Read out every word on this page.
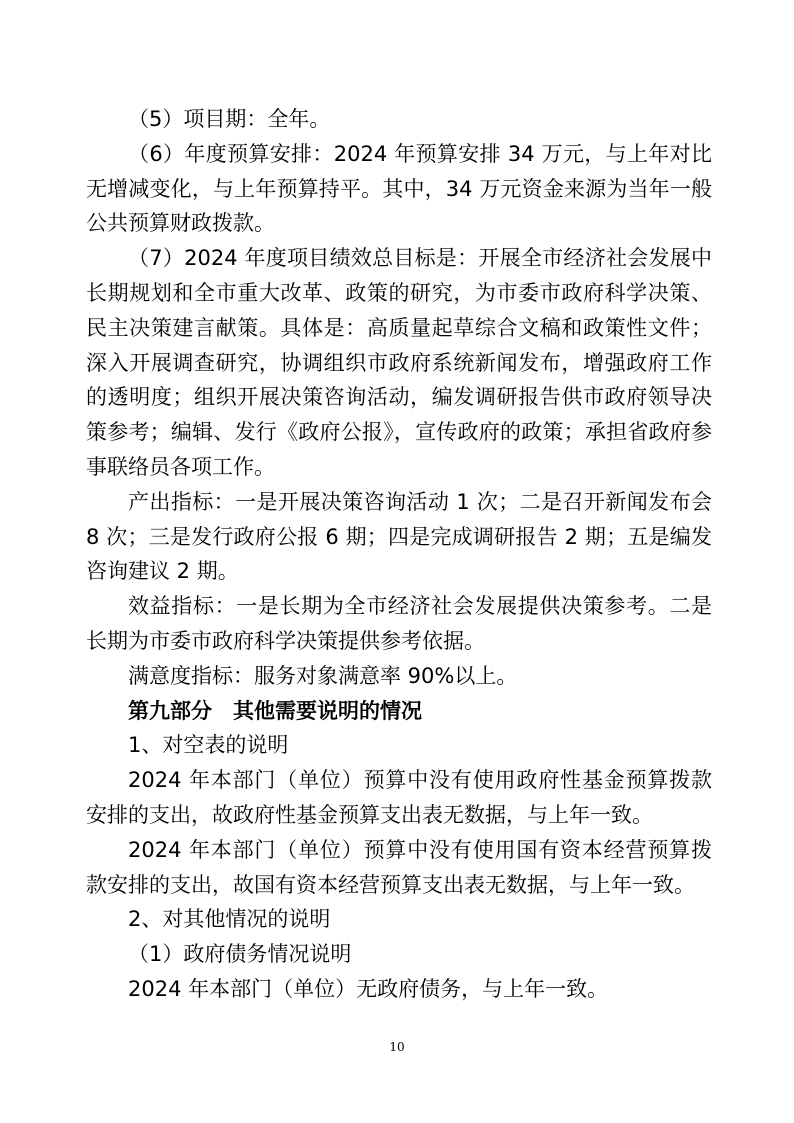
（5）项目期：全年。

（6）年度预算安排：2024 年预算安排 34 万元，与上年对比无增减变化，与上年预算持平。其中，34 万元资金来源为当年一般公共预算财政拨款。

（7）2024 年度项目绩效总目标是：开展全市经济社会发展中长期规划和全市重大改革、政策的研究，为市委市政府科学决策、民主决策建言献策。具体是：高质量起草综合文稿和政策性文件；深入开展调查研究，协调组织市政府系统新闻发布，增强政府工作的透明度；组织开展决策咨询活动，编发调研报告供市政府领导决策参考；编辑、发行《政府公报》，宣传政府的政策；承担省政府参事联络员各项工作。

产出指标：一是开展决策咨询活动 1 次；二是召开新闻发布会 8 次；三是发行政府公报 6 期；四是完成调研报告 2 期；五是编发咨询建议 2 期。

效益指标：一是长期为全市经济社会发展提供决策参考。二是长期为市委市政府科学决策提供参考依据。

满意度指标：服务对象满意率 90%以上。

第九部分　其他需要说明的情况

1、对空表的说明

2024 年本部门（单位）预算中没有使用政府性基金预算拨款安排的支出，故政府性基金预算支出表无数据，与上年一致。

2024 年本部门（单位）预算中没有使用国有资本经营预算拨款安排的支出，故国有资本经营预算支出表无数据，与上年一致。

2、对其他情况的说明

（1）政府债务情况说明

2024 年本部门（单位）无政府债务，与上年一致。

10
